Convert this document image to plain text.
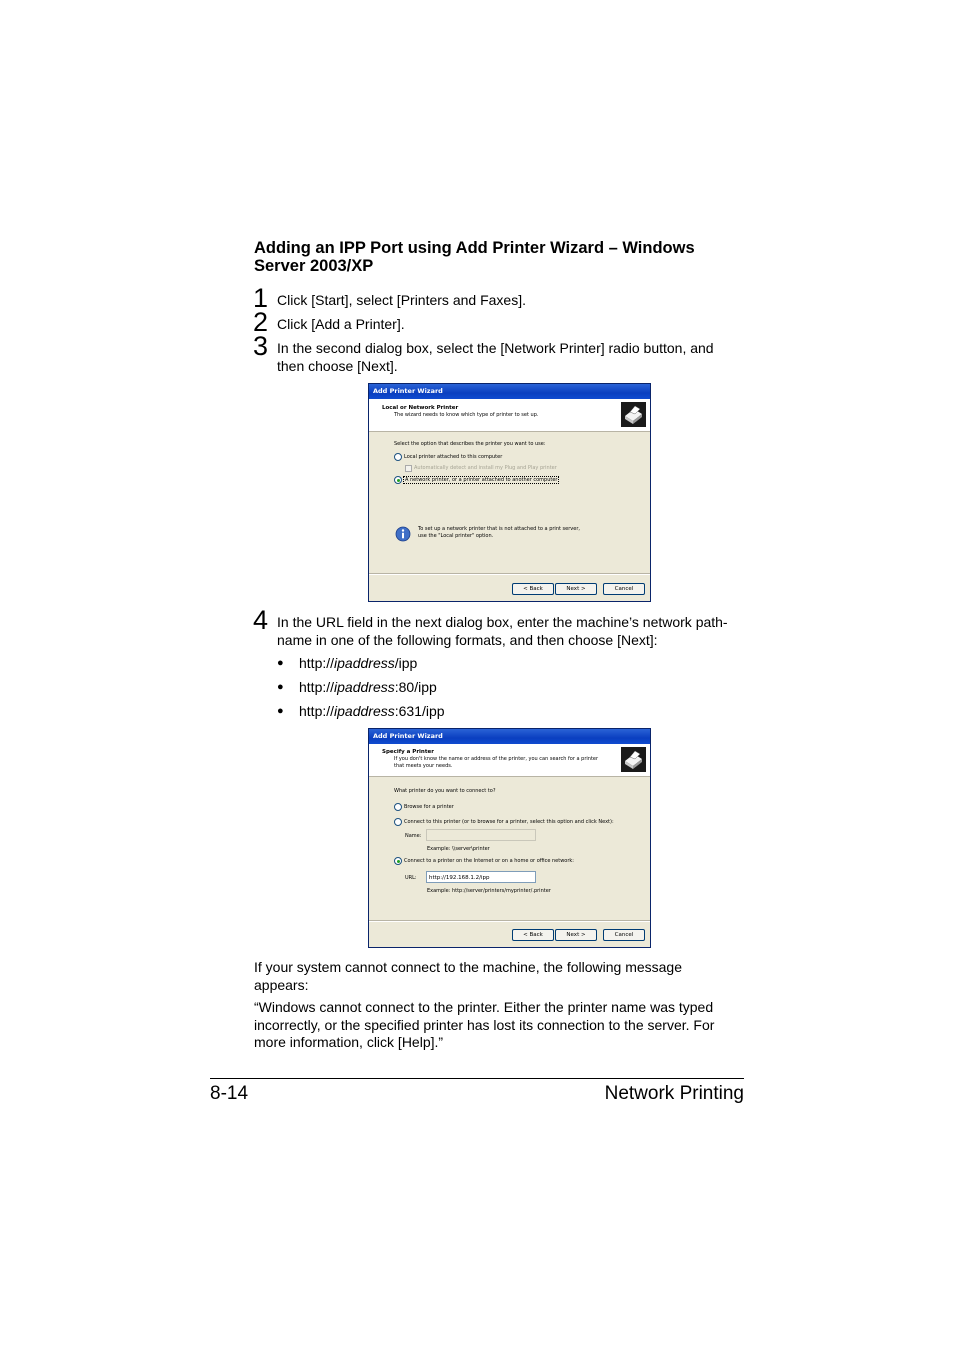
Adding an IPP Port using Add Printer Wizard – Windows
Server 2003/XP
1 Click [Start], select [Printers and Faxes].
2 Click [Add a Printer].
3 In the second dialog box, select the [Network Printer] radio button, and
then choose [Next].
Add Printer Wizard
Local or Network Printer
The wizard needs to know which type of printer to set up.
Select the option that describes the printer you want to use:
Local printer attached to this computer
Automatically detect and install my Plug and Play printer
A network printer, or a printer attached to another computer
To set up a network printer that is not attached to a print server,
use the "Local printer" option.
< Back	Next >	Cancel
4 In the URL field in the next dialog box, enter the machine’s network path-
name in one of the following formats, and then choose [Next]:
● http://ipaddress/ipp
● http://ipaddress:80/ipp
● http://ipaddress:631/ipp
Add Printer Wizard
Specify a Printer
If you don't know the name or address of the printer, you can search for a printer
that meets your needs.
What printer do you want to connect to?
Browse for a printer
Connect to this printer (or to browse for a printer, select this option and click Next):
Name:
Example: \\server\printer
Connect to a printer on the Internet or on a home or office network:
URL:	http://192.168.1.2/ipp
Example: http://server/printers/myprinter/.printer
< Back	Next >	Cancel
If your system cannot connect to the machine, the following message
appears:
“Windows cannot connect to the printer. Either the printer name was typed
incorrectly, or the specified printer has lost its connection to the server. For
more information, click [Help].”
8-14	Network Printing
